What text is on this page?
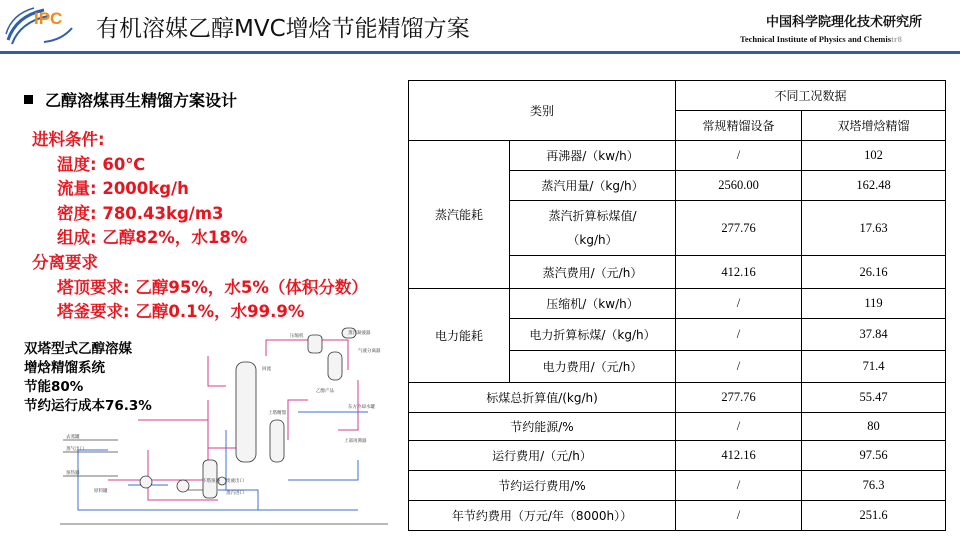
IPC 有机溶媒乙醇MVC增焓节能精馏方案	中国科学院理化技术研究所
Technical Institute of Physics and Chemistr8
乙醇溶煤再生精馏方案设计
进料条件:
温度: 60℃
流量: 2000kg/h
密度: 780.43kg/m3
组成: 乙醇82%，水18%
分离要求
塔顶要求: 乙醇95%，水5%（体积分数）
塔釜要求: 乙醇0.1%，水99.9%
压缩机
蒸汽凝液器
气液分离器
回流
乙醇产品
上塔精馏
东方冷却水罐
上部再沸器
去蒸罐
蒸气出口
预热器
原料罐
下塔预热 废液出口
蒸汽进口
双塔型式乙醇溶媒
增焓精馏系统
节能80%
节约运行成本76.3%
类别		不同工况数据	
		常规精馏设备	双塔增焓精馏
蒸汽能耗	再沸器/（kw/h）	/	102
	蒸汽用量/（kg/h）	2560.00	162.48
	蒸汽折算标煤值/（kg/h）	277.76	17.63
	蒸汽费用/（元/h）	412.16	26.16
电力能耗	压缩机/（kw/h）	/	119
	电力折算标煤/（kg/h）	/	37.84
	电力费用/（元/h）	/	71.4
标煤总折算值/(kg/h)		277.76	55.47
节约能源/%		/	80
运行费用/（元/h）		412.16	97.56
节约运行费用/%		/	76.3
年节约费用（万元/年（8000h））		/	251.6
